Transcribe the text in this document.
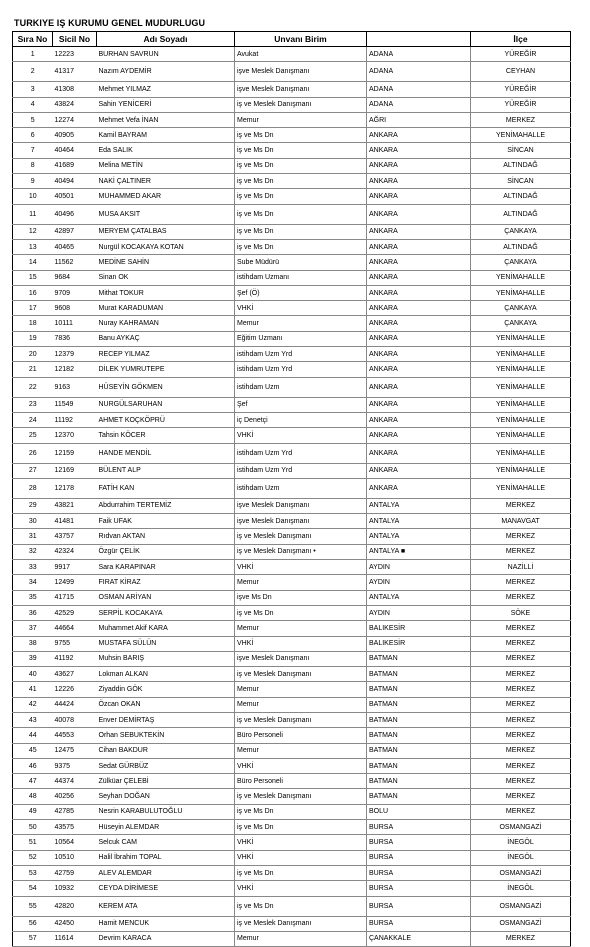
TURKIYE IŞ KURUMU GENEL MUDURLUGU
Sıra No	Sicil No	Adı Soyadı	Unvanı Birim		İlçe
1	12223	BURHAN SAVRUN	Avukat	ADANA	YÜREĞİR
2	41317	Nazım AYDEMİR	işve Meslek Danışmanı	ADANA	CEYHAN
3	41308	Mehmet YILMAZ	işve Meslek Danışmanı	ADANA	YÜREĞİR
4	43824	Sahin YENİCERİ	iş ve Meslek Danışmanı	ADANA	YÜREĞİR
5	12274	Mehmet Vefa İNAN	Memur	AĞRI	MERKEZ
6	40905	Kamil BAYRAM	iş ve Ms Dn	ANKARA	YENİMAHALLE
7	40464	Eda SALIK	iş ve Ms Dn	ANKARA	SİNCAN
8	41689	Melina METİN	iş ve Ms Dn	ANKARA	ALTINDAĞ
9	40494	NAKİ ÇALTINER	iş ve Ms Dn	ANKARA	SİNCAN
10	40501	MUHAMMED AKAR	iş ve Ms Dn	ANKARA	ALTINDAĞ
11	40496	MUSA AKSIT	iş ve Ms Dn	ANKARA	ALTINDAĞ
12	42897	MERYEM ÇATALBAS	iş ve Ms Dn	ANKARA	ÇANKAYA
13	40465	Nurgül KOCAKAYA KOTAN	iş ve Ms Dn	ANKARA	ALTINDAĞ
14	11562	MEDİNE SAHİN	Sube Müdürü	ANKARA	ÇANKAYA
15	9684	Sinan OK	istihdam Uzmanı	ANKARA	YENİMAHALLE
16	9709	Mithat TOKUR	Şef (Ö)	ANKARA	YENİMAHALLE
17	9608	Murat KARADUMAN	VHKİ	ANKARA	ÇANKAYA
18	10111	Nuray KAHRAMAN	Memur	ANKARA	ÇANKAYA
19	7836	Banu AYKAÇ	Eğitim Uzmanı	ANKARA	YENİMAHALLE
20	12379	RECEP YILMAZ	istihdam Uzm Yrd	ANKARA	YENİMAHALLE
21	12182	DİLEK YUMRUTEPE	istihdam Uzm Yrd	ANKARA	YENİMAHALLE
22	9163	HÜSEYİN GÖKMEN	istihdam Uzm	ANKARA	YENİMAHALLE
23	11549	NURGÜLSARUHAN	Şef	ANKARA	YENİMAHALLE
24	11192	AHMET KOÇKÖPRÜ	iç Denetçi	ANKARA	YENİMAHALLE
25	12370	Tahsin KÖCER	VHKİ	ANKARA	YENİMAHALLE
26	12159	HANDE MENDİL	istihdam Uzm Yrd	ANKARA	YENİMAHALLE
27	12169	BÜLENT ALP	istihdam Uzm Yrd	ANKARA	YENİMAHALLE
28	12178	FATİH KAN	istihdam Uzm	ANKARA	YENİMAHALLE
29	43821	Abdurrahim TERTEMİZ	işve Meslek Danışmanı	ANTALYA	MERKEZ
30	41481	Faik UFAK	işve Meslek Danışmanı	ANTALYA	MANAVGAT
31	43757	Rıdvan AKTAN	iş ve Meslek Danışmanı	ANTALYA	MERKEZ
32	42324	Özgür ÇELİK	iş ve Meslek Danışmanı •	ANTALYA ■	MERKEZ
33	9917	Sara KARAPINAR	VHKİ	AYDIN	NAZİLLİ
34	12499	FIRAT KİRAZ	Memur	AYDIN	MERKEZ
35	41715	OSMAN ARİYAN	işve Ms Dn	ANTALYA	MERKEZ
36	42529	SERPİL KOCAKAYA	iş ve Ms Dn	AYDIN	SÖKE
37	44664	Muhammet Akif KARA	Memur	BALIKESİR	MERKEZ
38	9755	MUSTAFA SÜLÜN	VHKİ	BALIKESİR	MERKEZ
39	41192	Muhsin BARIŞ	işve Meslek Danışmanı	BATMAN	MERKEZ
40	43627	Lokman ALKAN	iş ve Meslek Danışmanı	BATMAN	MERKEZ
41	12226	Ziyaddin GÖK	Memur	BATMAN	MERKEZ
42	44424	Özcan OKAN	Memur	BATMAN	MERKEZ
43	40078	Enver DEMİRTAŞ	iş ve Meslek Danışmanı	BATMAN	MERKEZ
44	44553	Orhan SEBUKTEKİN	Büro Personeli	BATMAN	MERKEZ
45	12475	Cihan BAKDUR	Memur	BATMAN	MERKEZ
46	9375	Sedat GÜRBÜZ	VHKİ	BATMAN	MERKEZ
47	44374	Zülküar ÇELEBİ	Büro Personeli	BATMAN	MERKEZ
48	40256	Seyhan DOĞAN	iş ve Meslek Danışmanı	BATMAN	MERKEZ
49	42785	Nesrin KARABULUTOĞLU	iş ve Ms Dn	BOLU	MERKEZ
50	43575	Hüseyin ALEMDAR	iş ve Ms Dn	BURSA	OSMANGAZİ
51	10564	Selcuk CAM	VHKİ	BURSA	İNEGÖL
52	10510	Halil İbrahim TOPAL	VHKİ	BURSA	İNEGÖL
53	42759	ALEV ALEMDAR	iş ve Ms Dn	BURSA	OSMANGAZİ
54	10932	CEYDA DİRİMESE	VHKİ	BURSA	İNEGÖL
55	42820	KEREM ATA	iş ve Ms Dn	BURSA	OSMANGAZİ
56	42450	Hamit MENCUK	iş ve Meslek Danışmanı	BURSA	OSMANGAZİ
57	11614	Devrim KARACA	Memur	ÇANAKKALE	MERKEZ
